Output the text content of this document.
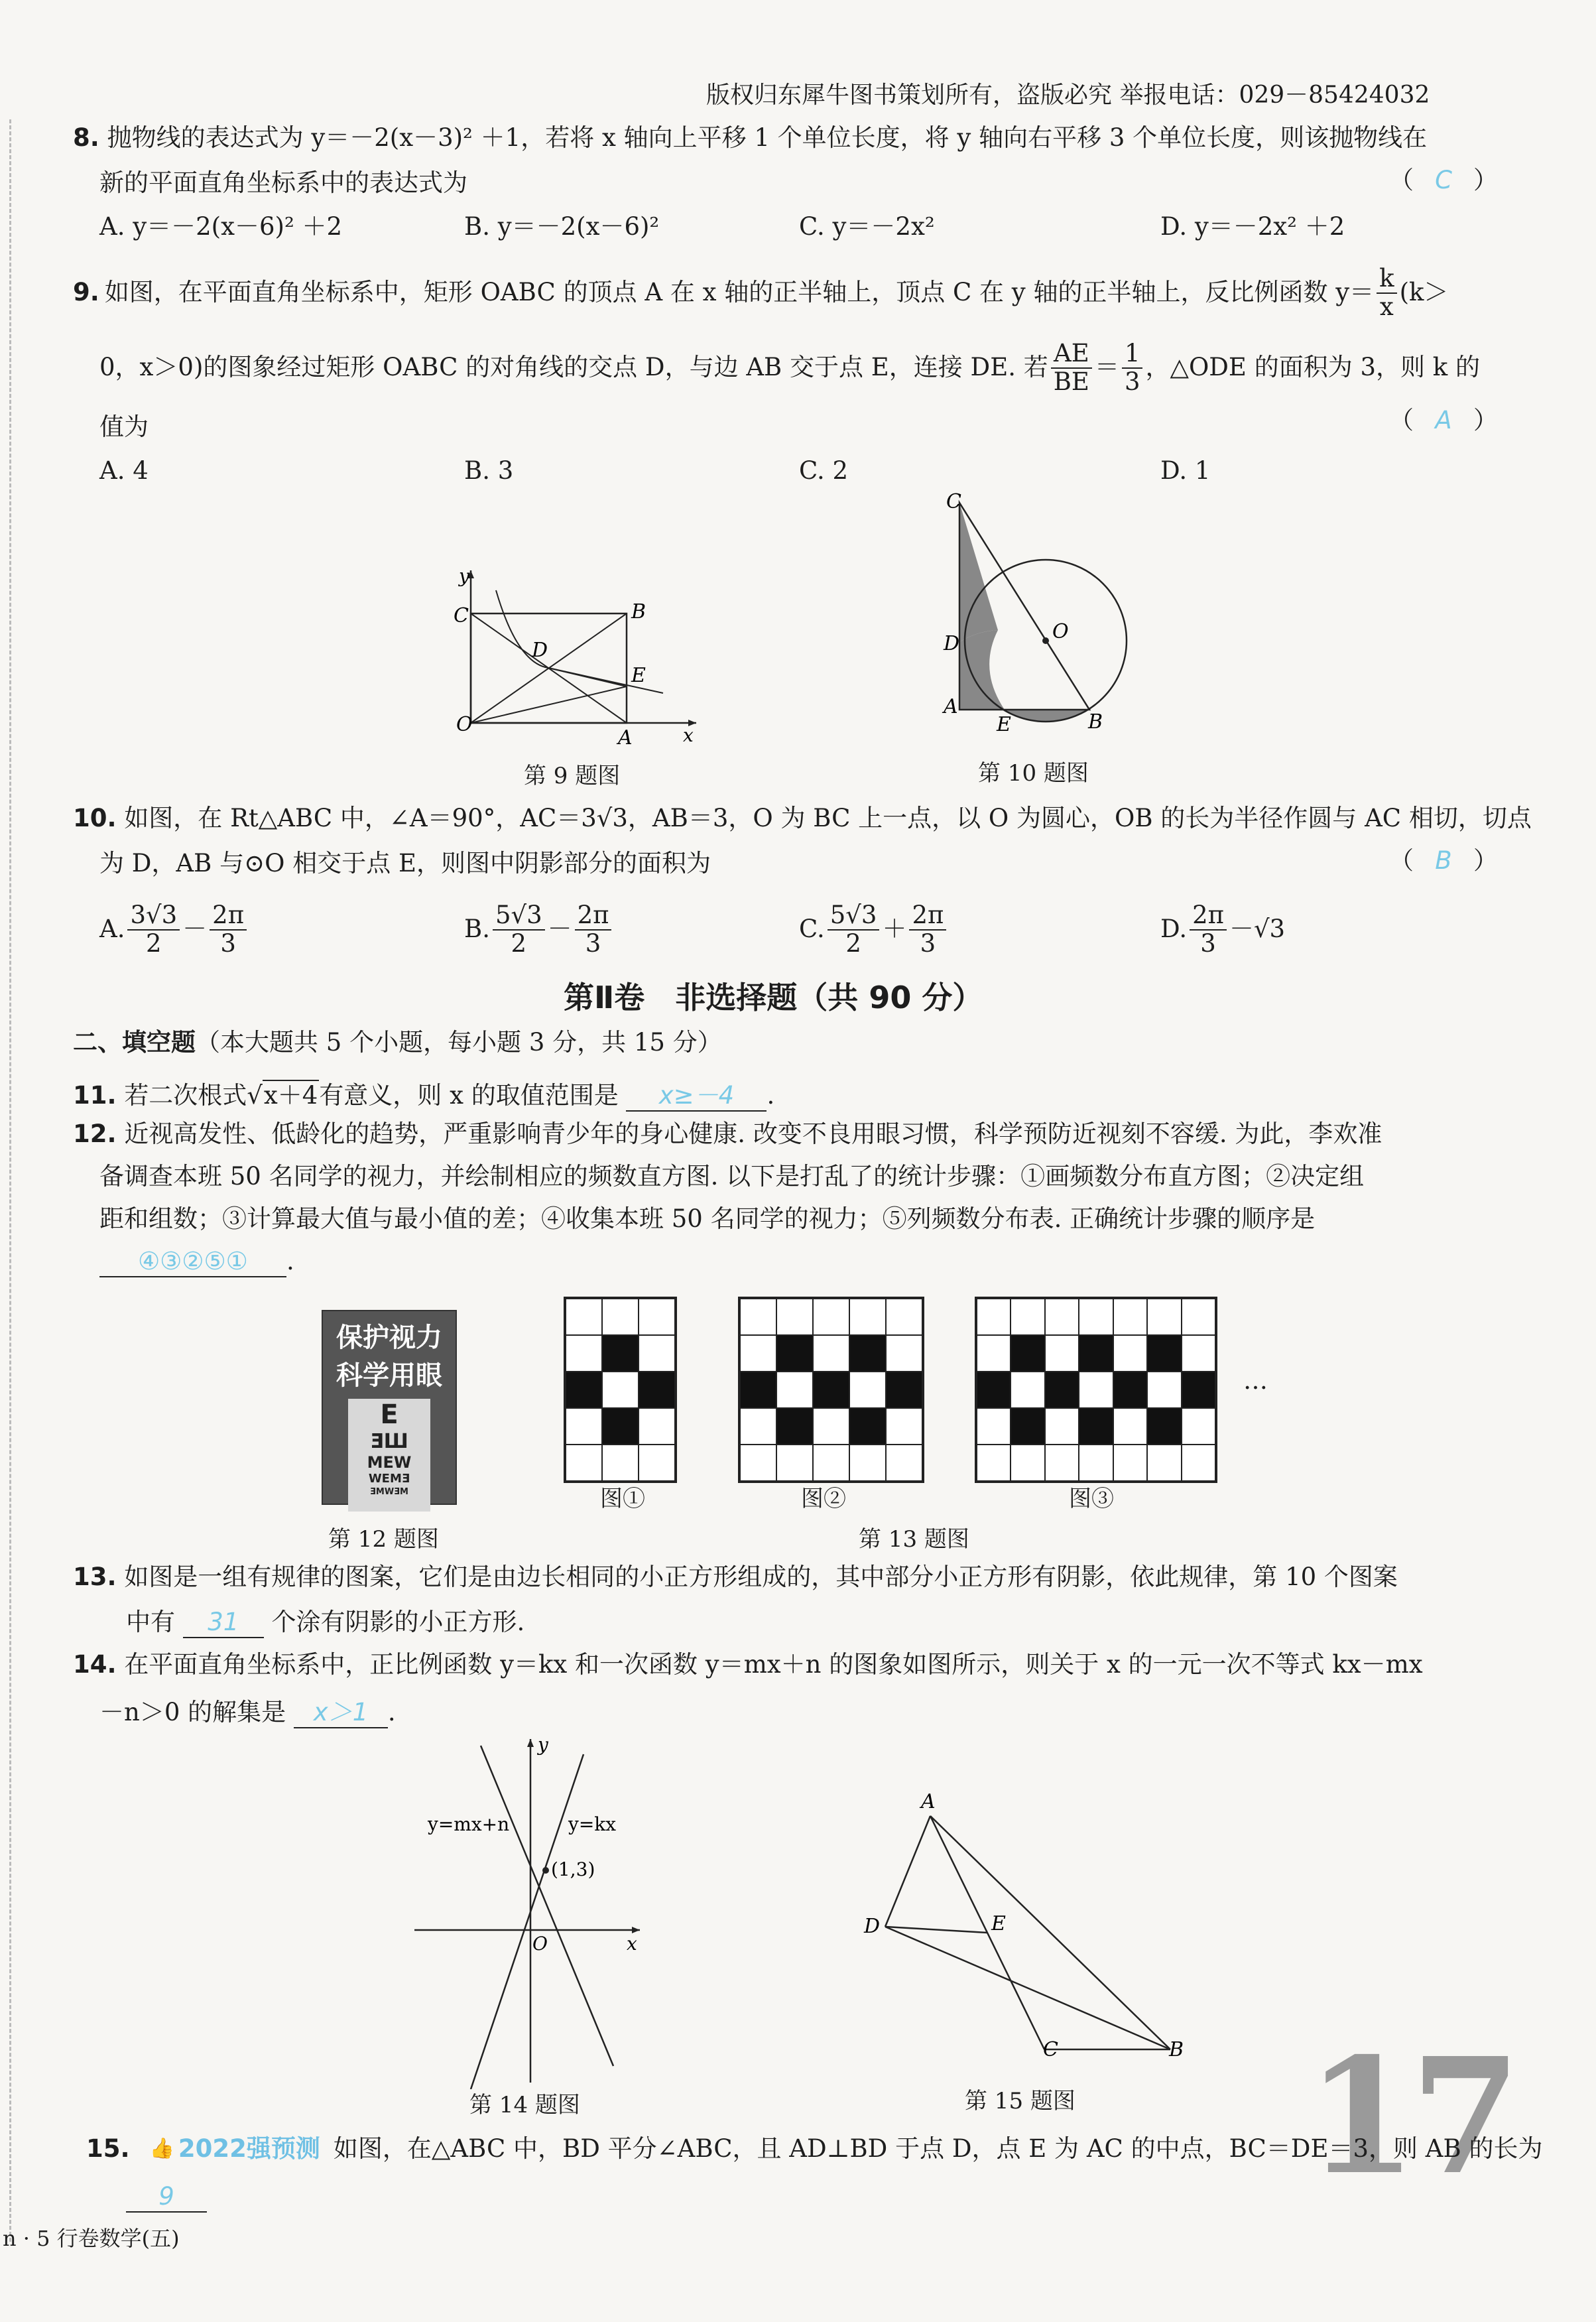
版权归东犀牛图书策划所有，盗版必究 举报电话：029－85424032
8. 抛物线的表达式为 y＝－2(x－3)² ＋1，若将 x 轴向上平移 1 个单位长度，将 y 轴向右平移 3 个单位长度，则该抛物线在
新的平面直角坐标系中的表达式为	（ C ）
A. y＝－2(x－6)² ＋2	B. y＝－2(x－6)²	C. y＝－2x²	D. y＝－2x² ＋2
9. 如图，在平面直角坐标系中，矩形 OABC 的顶点 A 在 x 轴的正半轴上，顶点 C 在 y 轴的正半轴上，反比例函数 $y= \frac{k}{x} (k>$
0，x＞0)的图象经过矩形 OABC 的对角线的交点 D，与边 AB 交于点 E，连接 DE. 若 $\frac{AE}{BE} = \frac{1}{3}$ ，△ODE 的面积为 3，则 k 的
值为	（ A ）
A. 4	B. 3	C. 2	D. 1
y
x
O
A
B
C
D
E
第 9 题图
C
D
A
E	B
O
第 10 题图
10. 如图，在 Rt△ABC 中，∠A＝90°，AC＝3√3，AB＝3，O 为 BC 上一点，以 O 为圆心，OB 的长为半径作圆与 AC 相切，切点
为 D，AB 与⊙O 相交于点 E，则图中阴影部分的面积为	（ B ）
A. $\frac{3√3}{2} - \frac{2\pi}{3}$	B. $\frac{5√3}{2} - \frac{2\pi}{3}$	C. $\frac{5√3}{2} + \frac{2\pi}{3}$	D. $\frac{2\pi}{3} - √3$
第Ⅱ卷　非选择题（共 90 分）
二、填空题（本大题共 5 个小题，每小题 3 分，共 15 分）
11. 若二次根式√x＋4有意义，则 x 的取值范围是 x≥－4 .
12. 近视高发性、低龄化的趋势，严重影响青少年的身心健康. 改变不良用眼习惯，科学预防近视刻不容缓. 为此，李欢准
备调查本班 50 名同学的视力，并绘制相应的频数直方图. 以下是打乱了的统计步骤：①画频数分布直方图；②决定组
距和组数；③计算最大值与最小值的差；④收集本班 50 名同学的视力；⑤列频数分布表. 正确统计步骤的顺序是
④③②⑤① .
保护视力
科学用眼
E
ƎШ
MEW
WEMƎ
ƎMWƎM
第 12 题图
图①	图②	图③
…
第 13 题图
13. 如图是一组有规律的图案，它们是由边长相同的小正方形组成的，其中部分小正方形有阴影，依此规律，第 10 个图案
中有 31 个涂有阴影的小正方形.
14. 在平面直角坐标系中，正比例函数 y＝kx 和一次函数 y＝mx＋n 的图象如图所示，则关于 x 的一元一次不等式 kx－mx
－n＞0 的解集是 x＞1 .
y
x
O
y=mx+n	y=kx
(1,3)
第 14 题图
A
D	E
C	B
第 15 题图 17
15. 👍 2022强预测 如图，在△ABC 中，BD 平分∠ABC，且 AD⊥BD 于点 D，点 E 为 AC 的中点，BC＝DE＝3，则 AB 的长为
9
n · 5 行卷数学(五)
